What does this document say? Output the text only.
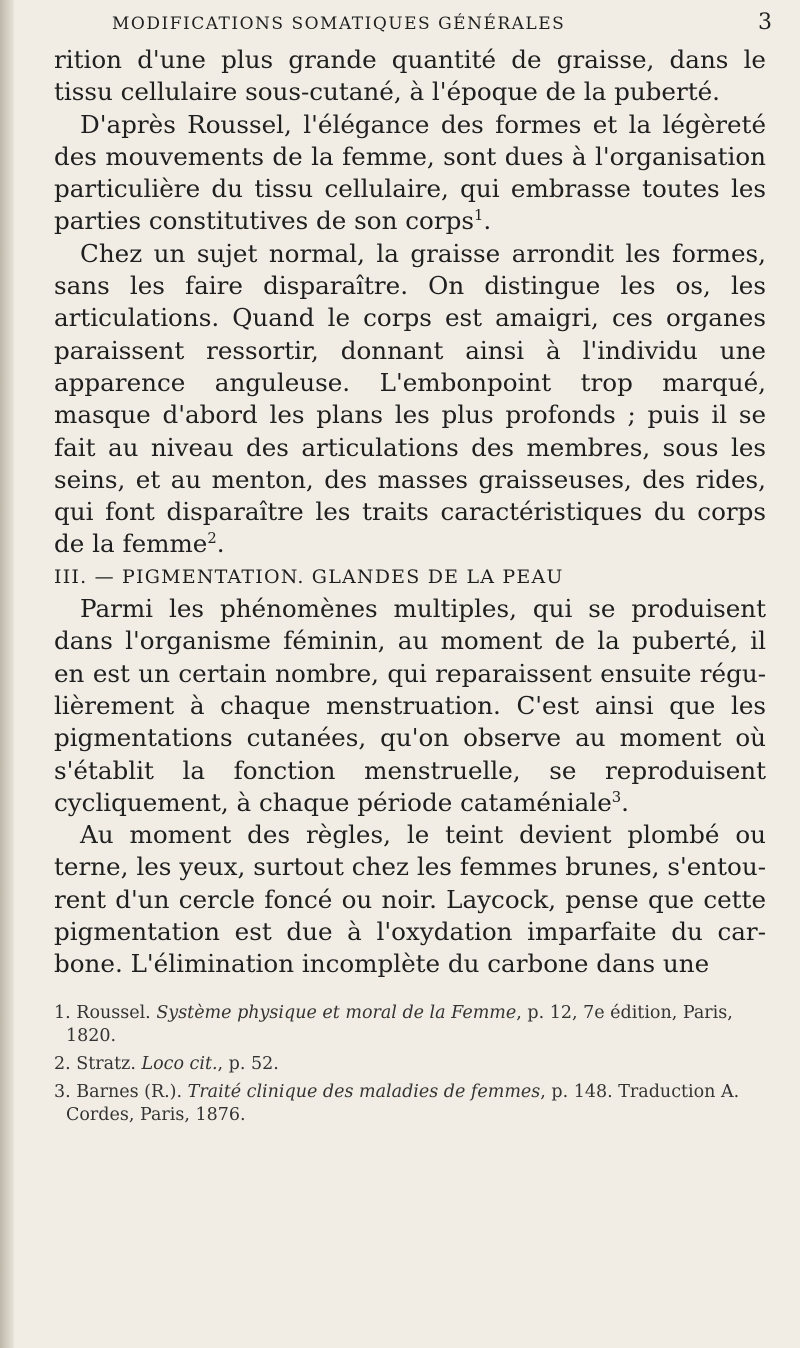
MODIFICATIONS SOMATIQUES GÉNÉRALES	3

rition d'une plus grande quantité de graisse, dans le tissu cellulaire sous-cutané, à l'époque de la puberté.

D'après Roussel, l'élégance des formes et la légèreté des mouvements de la femme, sont dues à l'organisation particulière du tissu cellulaire, qui embrasse toutes les parties constitutives de son corps$^1$.

Chez un sujet normal, la graisse arrondit les formes, sans les faire disparaître. On distingue les os, les articulations. Quand le corps est amaigri, ces organes paraissent ressortir, donnant ainsi à l'individu une apparence anguleuse. L'embonpoint trop marqué, masque d'abord les plans les plus profonds ; puis il se fait au niveau des articulations des membres, sous les seins, et au menton, des masses graisseuses, des rides, qui font disparaître les traits caractéristiques du corps de la femme$^2$.

III. — PIGMENTATION. GLANDES DE LA PEAU

Parmi les phénomènes multiples, qui se produisent dans l'organisme féminin, au moment de la puberté, il en est un certain nombre, qui reparaissent ensuite régulièrement à chaque menstruation. C'est ainsi que les pigmentations cutanées, qu'on observe au moment où s'établit la fonction menstruelle, se reproduisent cycliquement, à chaque période cataméniale$^3$.

Au moment des règles, le teint devient plombé ou terne, les yeux, surtout chez les femmes brunes, s'entourent d'un cercle foncé ou noir. Laycock, pense que cette pigmentation est due à l'oxydation imparfaite du carbone. L'élimination incomplète du carbone dans une

1. Roussel. Système physique et moral de la Femme, p. 12, 7e édition, Paris, 1820.

2. Stratz. Loco cit., p. 52.

3. Barnes (R.). Traité clinique des maladies de femmes, p. 148. Traduction A. Cordes, Paris, 1876.
